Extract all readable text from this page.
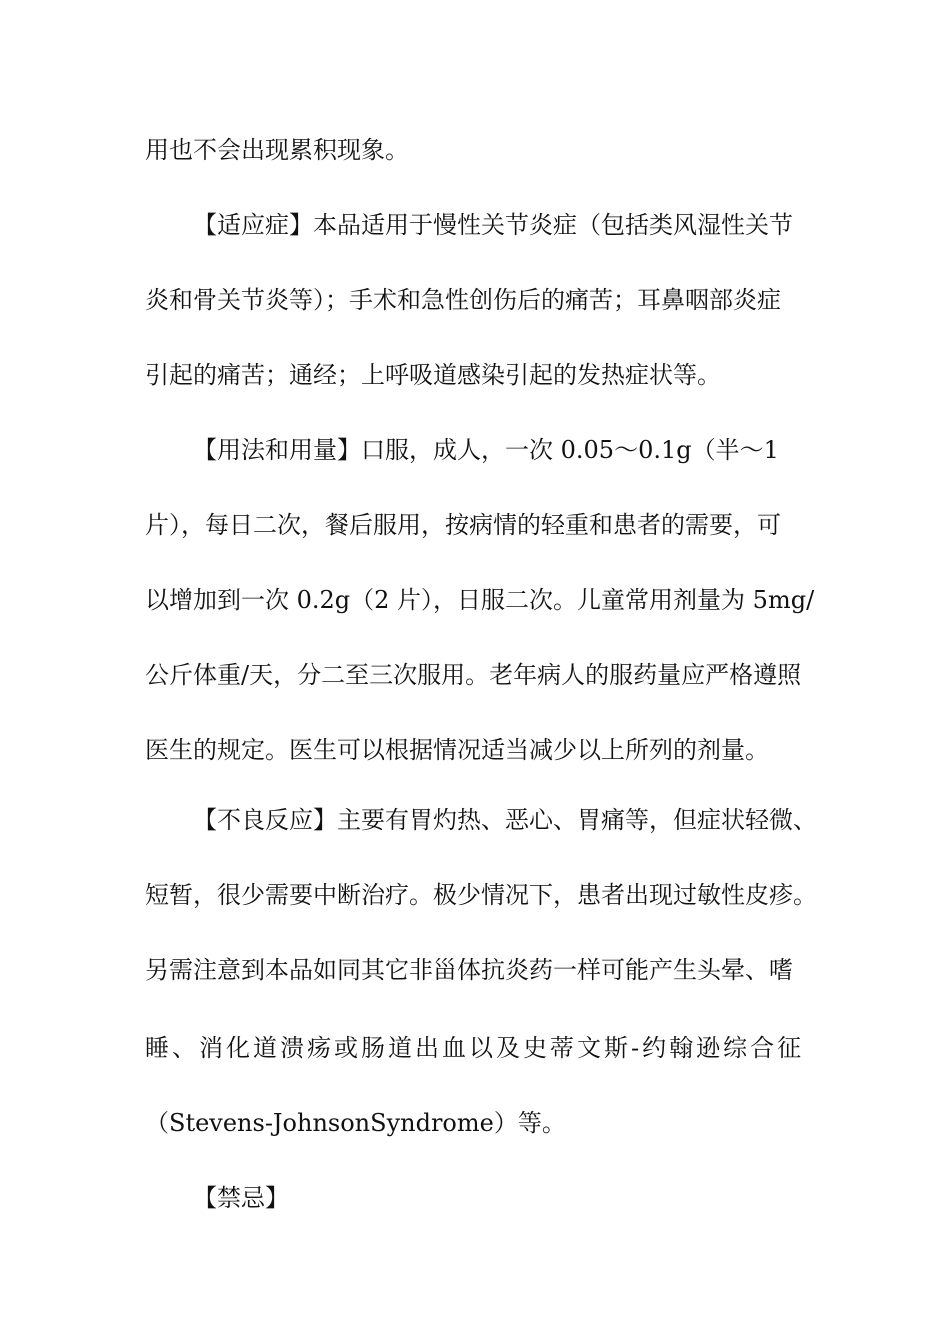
用也不会出现累积现象。
【适应症】本品适用于慢性关节炎症（包括类风湿性关节
炎和骨关节炎等）；手术和急性创伤后的痛苦；耳鼻咽部炎症
引起的痛苦；通经；上呼吸道感染引起的发热症状等。
【用法和用量】口服，成人，一次 0.05～0.1g（半～1
片），每日二次，餐后服用，按病情的轻重和患者的需要，可
以增加到一次 0.2g（2 片），日服二次。儿童常用剂量为 5mg/
公斤体重/天，分二至三次服用。老年病人的服药量应严格遵照
医生的规定。医生可以根据情况适当减少以上所列的剂量。
【不良反应】主要有胃灼热、恶心、胃痛等，但症状轻微、
短暂，很少需要中断治疗。极少情况下，患者出现过敏性皮疹。
另需注意到本品如同其它非甾体抗炎药一样可能产生头晕、嗜
睡、消化道溃疡或肠道出血以及史蒂文斯-约翰逊综合征
（Stevens-JohnsonSyndrome）等。
【禁忌】
